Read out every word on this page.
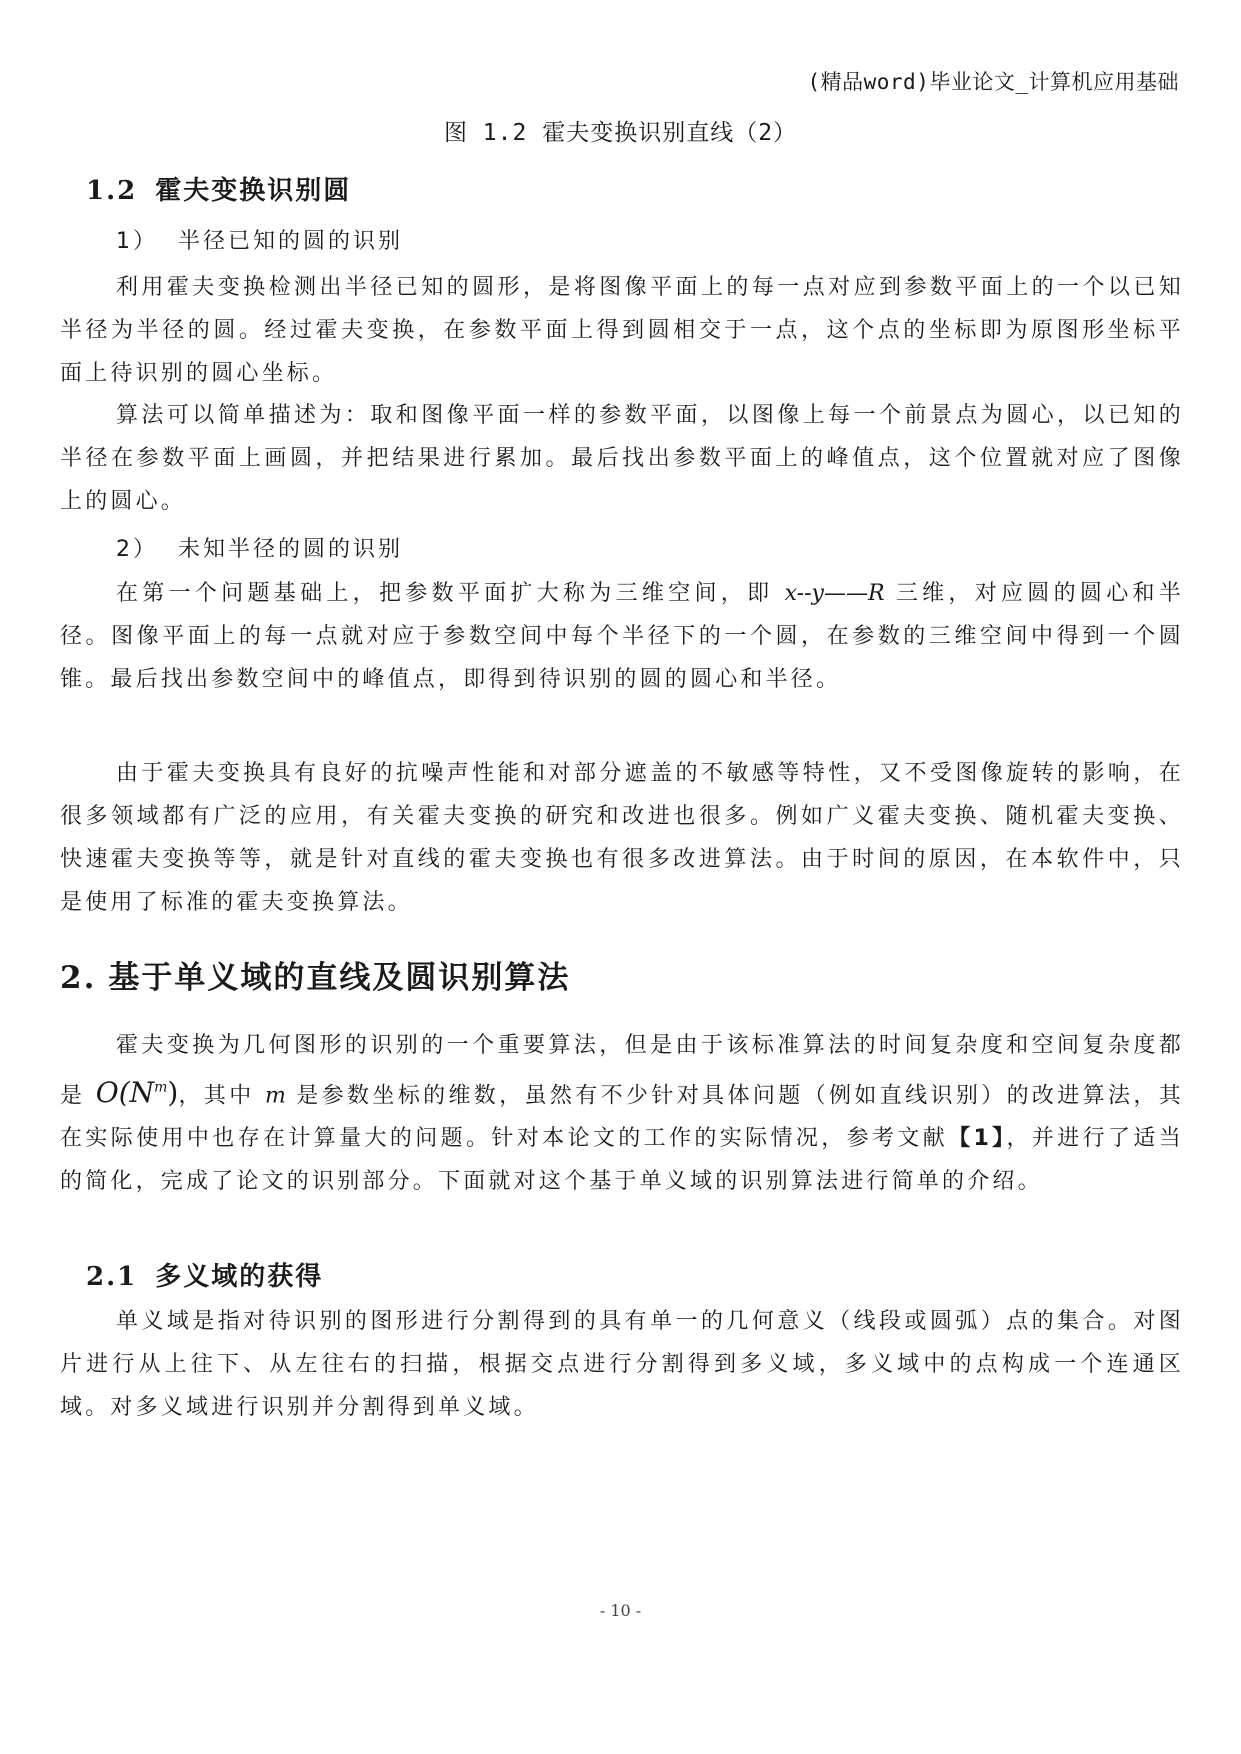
(精品word)毕业论文_计算机应用基础
图 1.2 霍夫变换识别直线（2）
1.2 霍夫变换识别圆
1） 半径已知的圆的识别

利用霍夫变换检测出半径已知的圆形，是将图像平面上的每一点对应到参数平面上的一个以已知半径为半径的圆。经过霍夫变换，在参数平面上得到圆相交于一点，这个点的坐标即为原图形坐标平面上待识别的圆心坐标。

算法可以简单描述为：取和图像平面一样的参数平面，以图像上每一个前景点为圆心，以已知的半径在参数平面上画圆，并把结果进行累加。最后找出参数平面上的峰值点，这个位置就对应了图像上的圆心。

2） 未知半径的圆的识别

在第一个问题基础上，把参数平面扩大称为三维空间，即 x--y——R 三维，对应圆的圆心和半径。图像平面上的每一点就对应于参数空间中每个半径下的一个圆，在参数的三维空间中得到一个圆锥。最后找出参数空间中的峰值点，即得到待识别的圆的圆心和半径。

由于霍夫变换具有良好的抗噪声性能和对部分遮盖的不敏感等特性，又不受图像旋转的影响，在很多领域都有广泛的应用，有关霍夫变换的研究和改进也很多。例如广义霍夫变换、随机霍夫变换、快速霍夫变换等等，就是针对直线的霍夫变换也有很多改进算法。由于时间的原因，在本软件中，只是使用了标准的霍夫变换算法。

2. 基于单义域的直线及圆识别算法

霍夫变换为几何图形的识别的一个重要算法，但是由于该标准算法的时间复杂度和空间复杂度都是 $O(N^m)$，其中 m 是参数坐标的维数，虽然有不少针对具体问题（例如直线识别）的改进算法，其在实际使用中也存在计算量大的问题。针对本论文的工作的实际情况，参考文献【1】，并进行了适当的简化，完成了论文的识别部分。下面就对这个基于单义域的识别算法进行简单的介绍。

2.1 多义域的获得

单义域是指对待识别的图形进行分割得到的具有单一的几何意义（线段或圆弧）点的集合。对图片进行从上往下、从左往右的扫描，根据交点进行分割得到多义域，多义域中的点构成一个连通区域。对多义域进行识别并分割得到单义域。

- 10 -
